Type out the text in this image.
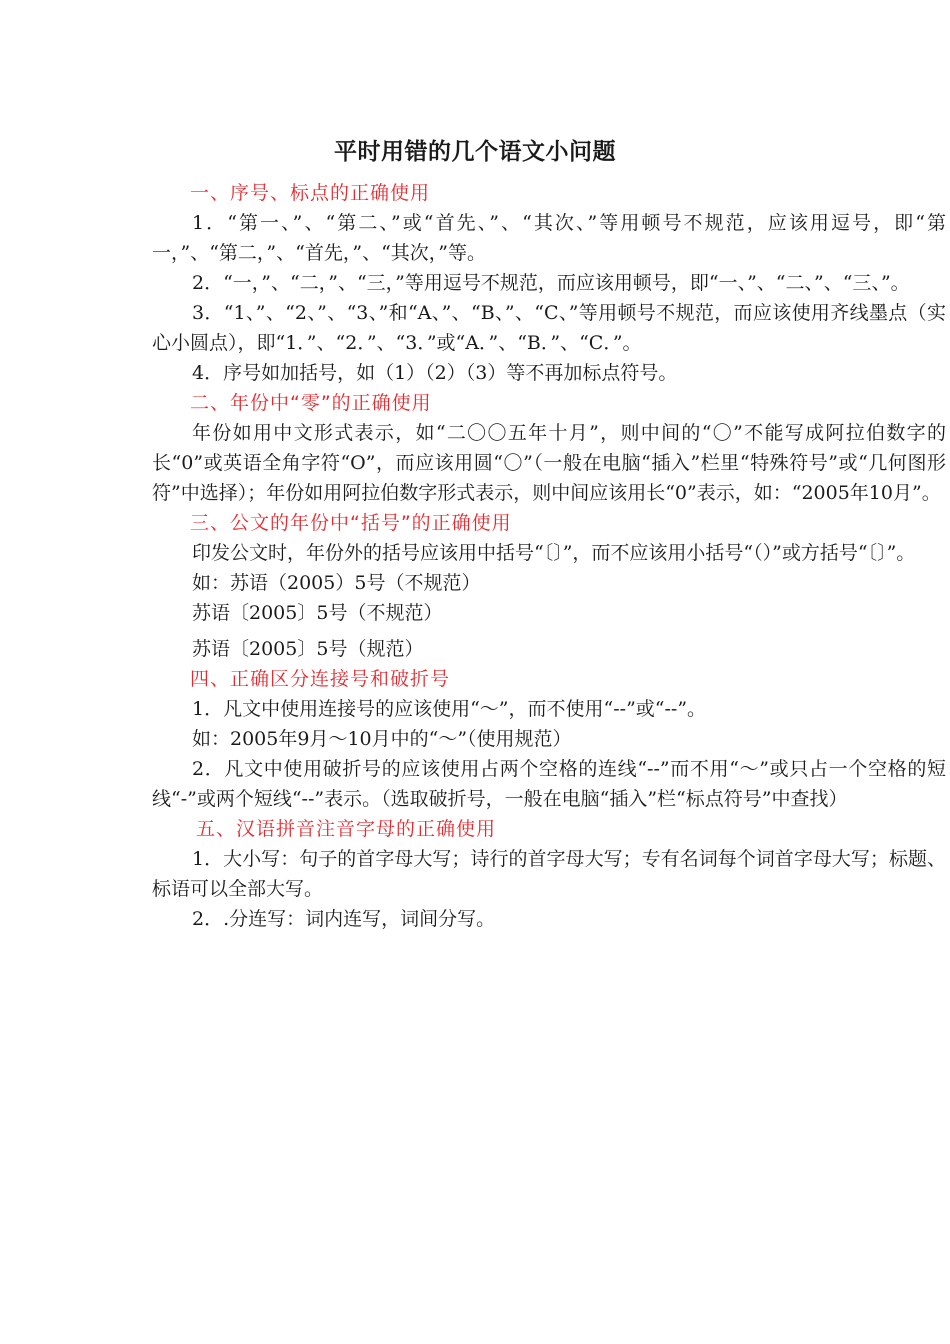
平时用错的几个语文小问题

一、序号、标点的正确使用

1．“第一、”、“第二、”或“首先、”、“其次、”等用顿号不规范，应该用逗号，即“第一，”、“第二，”、“首先，”、“其次，”等。

2．“一，”、“二，”、“三，”等用逗号不规范，而应该用顿号，即“一、”、“二、”、“三、”。

3．“1、”、“2、”、“3、”和“A、”、“B、”、“C、”等用顿号不规范，而应该使用齐线墨点（实心小圆点），即“1．”、“2．”、“3．”或“A．”、“B．”、“C．”。

4．序号如加括号，如（1）（2）（3）等不再加标点符号。

二、年份中“零”的正确使用

年份如用中文形式表示，如“二〇〇五年十月”，则中间的“〇”不能写成阿拉伯数字的长“0”或英语全角字符“O”，而应该用圆“〇”（一般在电脑“插入”栏里“特殊符号”或“几何图形符”中选择）；年份如用阿拉伯数字形式表示，则中间应该用长“0”表示，如：“2005年10月”。

三、公文的年份中“括号”的正确使用

印发公文时，年份外的括号应该用中括号“〔〕”，而不应该用小括号“（）”或方括号“〔〕”。

如：苏语（2005）5号（不规范）

苏语〔2005〕5号（不规范）

苏语〔2005〕5号（规范）

四、正确区分连接号和破折号

1．凡文中使用连接号的应该使用“～”，而不使用“--”或“--”。

如：2005年9月～10月中的“～”（使用规范）

2．凡文中使用破折号的应该使用占两个空格的连线“--”而不用“～”或只占一个空格的短线“-”或两个短线“--”表示。（选取破折号，一般在电脑“插入”栏“标点符号”中查找）

五、汉语拼音注音字母的正确使用

1．大小写：句子的首字母大写；诗行的首字母大写；专有名词每个词首字母大写；标题、标语可以全部大写。

2．.分连写：词内连写，词间分写。
